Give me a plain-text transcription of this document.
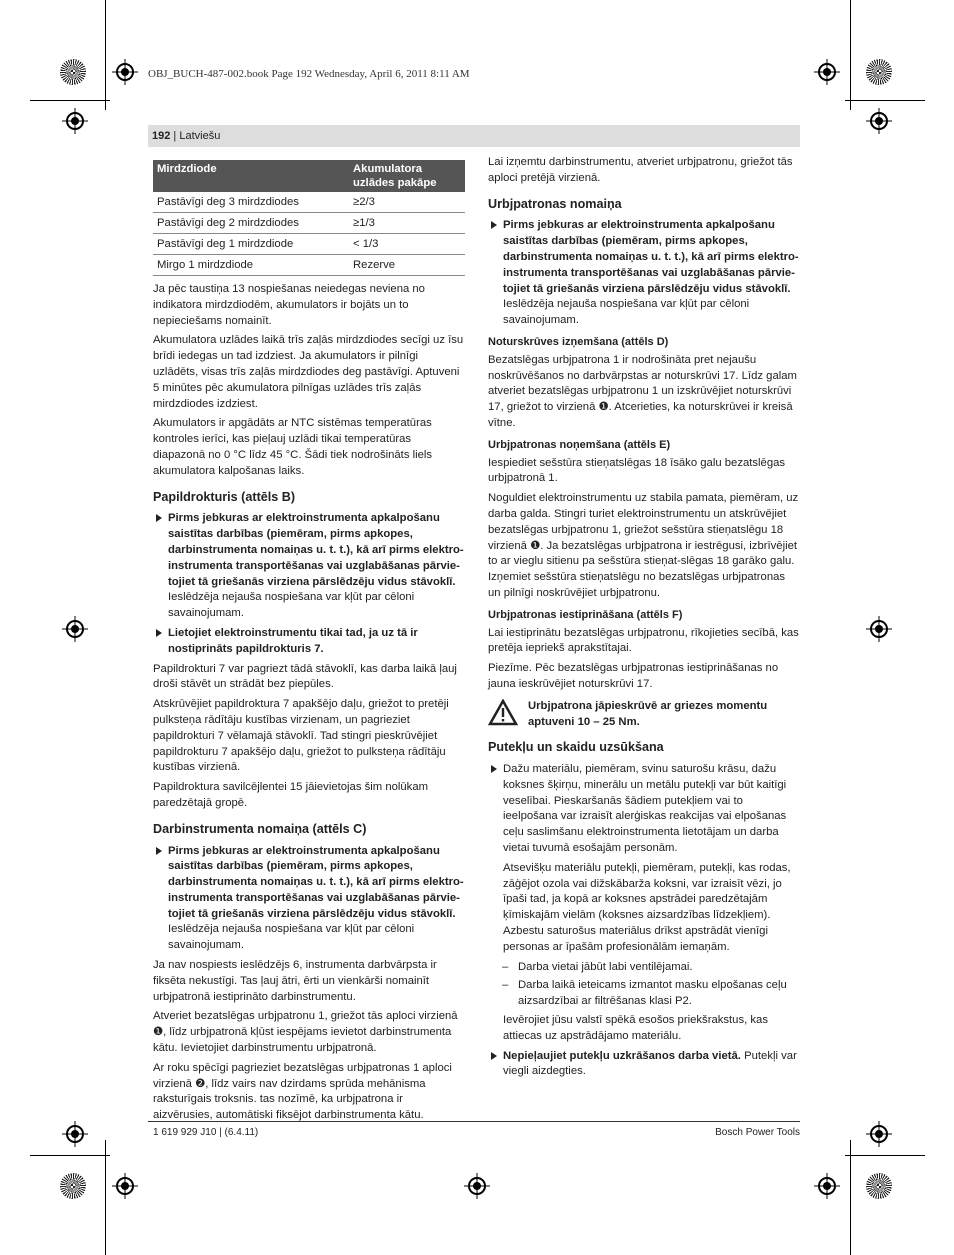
OBJ_BUCH-487-002.book Page 192 Wednesday, April 6, 2011 8:11 AM
192 | Latviešu
Mirdzdiode	Akumulatora uzlādes pakāpe
Pastāvīgi deg 3 mirdzdiodes	≥2/3
Pastāvīgi deg 2 mirdzdiodes	≥1/3
Pastāvīgi deg 1 mirdzdiode	< 1/3
Mirgo 1 mirdzdiode	Rezerve

Ja pēc taustiņa 13 nospiešanas neiedegas neviena no indikatora mirdzdiodēm, akumulators ir bojāts un to nepieciešams nomainīt.

Akumulatora uzlādes laikā trīs zaļās mirdzdiodes secīgi uz īsu brīdi iedegas un tad izdziest. Ja akumulators ir pilnīgi uzlādēts, visas trīs zaļās mirdzdiodes deg pastāvīgi. Aptuveni 5 minūtes pēc akumulatora pilnīgas uzlādes trīs zaļās mirdzdiodes izdziest.

Akumulators ir apgādāts ar NTC sistēmas temperatūras kontroles ierīci, kas pieļauj uzlādi tikai temperatūras diapazonā no 0 °C līdz 45 °C. Šādi tiek nodrošināts liels akumulatora kalpošanas laiks.

Papildrokturis (attēls B)
Pirms jebkuras ar elektroinstrumenta apkalpošanu saistītas darbības (piemēram, pirms apkopes, darbinstrumenta nomaiņas u. t. t.), kā arī pirms elektro-instrumenta transportēšanas vai uzglabāšanas pārvie-tojiet tā griešanās virziena pārslēdzēju vidus stāvoklī. Ieslēdzēja nejauša nospiešana var kļūt par cēloni savainojumam.
Lietojiet elektroinstrumentu tikai tad, ja uz tā ir nostiprināts papildrokturis 7.

Papildrokturi 7 var pagriezt tādā stāvoklī, kas darba laikā ļauj droši stāvēt un strādāt bez piepūles.

Atskrūvējiet papildroktura 7 apakšējo daļu, griežot to pretēji pulksteņa rādītāju kustības virzienam, un pagrieziet papildrokturi 7 vēlamajā stāvoklī. Tad stingri pieskrūvējiet papildrokturu 7 apakšējo daļu, griežot to pulksteņa rādītāju kustības virzienā.

Papildroktura savilcējlentei 15 jāievietojas šim nolūkam paredzētajā gropē.

Darbinstrumenta nomaiņa (attēls C)
Pirms jebkuras ar elektroinstrumenta apkalpošanu saistītas darbības (piemēram, pirms apkopes, darbinstrumenta nomaiņas u. t. t.), kā arī pirms elektro-instrumenta transportēšanas vai uzglabāšanas pārvie-tojiet tā griešanās virziena pārslēdzēju vidus stāvoklī. Ieslēdzēja nejauša nospiešana var kļūt par cēloni savainojumam.

Ja nav nospiests ieslēdzējs 6, instrumenta darbvārpsta ir fiksēta nekustīgi. Tas ļauj ātri, ērti un vienkārši nomainīt urbjpatronā iestiprināto darbinstrumentu.

Atveriet bezatslēgas urbjpatronu 1, griežot tās aploci virzienā ❶, līdz urbjpatronā kļūst iespējams ievietot darbinstrumenta kātu. Ievietojiet darbinstrumentu urbjpatronā.

Ar roku spēcīgi pagrieziet bezatslēgas urbjpatronas 1 aploci virzienā ❷, līdz vairs nav dzirdams sprūda mehānisma raksturīgais troksnis. tas nozīmē, ka urbjpatrona ir aizvērusies, automātiski fiksējot darbinstrumenta kātu.

Lai izņemtu darbinstrumentu, atveriet urbjpatronu, griežot tās aploci pretējā virzienā.

Urbjpatronas nomaiņa
Pirms jebkuras ar elektroinstrumenta apkalpošanu saistītas darbības (piemēram, pirms apkopes, darbinstrumenta nomaiņas u. t. t.), kā arī pirms elektro-instrumenta transportēšanas vai uzglabāšanas pārvie-tojiet tā griešanās virziena pārslēdzēju vidus stāvoklī. Ieslēdzēja nejauša nospiešana var kļūt par cēloni savainojumam.
Noturskrūves izņemšana (attēls D)

Bezatslēgas urbjpatrona 1 ir nodrošināta pret nejaušu noskrūvēšanos no darbvārpstas ar noturskrūvi 17. Līdz galam atveriet bezatslēgas urbjpatronu 1 un izskrūvējiet noturskrūvi 17, griežot to virzienā ❶. Atcerieties, ka noturskrūvei ir kreisā vītne.

Urbjpatronas noņemšana (attēls E)

Iespiediet sešstūra stieņatslēgas 18 īsāko galu bezatslēgas urbjpatronā 1.

Noguldiet elektroinstrumentu uz stabila pamata, piemēram, uz darba galda. Stingri turiet elektroinstrumentu un atskrūvējiet bezatslēgas urbjpatronu 1, griežot sešstūra stieņatslēgu 18 virzienā ❶. Ja bezatslēgas urbjpatrona ir iestrēgusi, izbrīvējiet to ar vieglu sitienu pa sešstūra stieņat-slēgas 18 garāko galu. Izņemiet sešstūra stieņatslēgu no bezatslēgas urbjpatronas un pilnīgi noskrūvējiet urbjpatronu.

Urbjpatronas iestiprināšana (attēls F)

Lai iestiprinātu bezatslēgas urbjpatronu, rīkojieties secībā, kas pretēja iepriekš aprakstītajai.

Piezīme. Pēc bezatslēgas urbjpatronas iestiprināšanas no jauna ieskrūvējiet noturskrūvi 17.

Urbjpatrona jāpieskrūvē ar griezes momentu aptuveni 10 – 25 Nm.
Putekļu un skaidu uzsūkšana
Dažu materiālu, piemēram, svinu saturošu krāsu, dažu koksnes šķirņu, minerālu un metālu putekļi var būt kaitīgi veselībai. Pieskaršanās šādiem putekļiem vai to ieelpošana var izraisīt alerģiskas reakcijas vai elpošanas ceļu saslimšanu elektroinstrumenta lietotājam un darba vietai tuvumā esošajām personām.

Atsevišķu materiālu putekļi, piemēram, putekļi, kas rodas, zāģējot ozola vai dižskābarža koksni, var izraisīt vēzi, jo īpaši tad, ja kopā ar koksnes apstrādei paredzētajām ķīmiskajām vielām (koksnes aizsardzības līdzekļiem). Azbestu saturošus materiālus drīkst apstrādāt vienīgi personas ar īpašām profesionālām iemaņām.

– Darba vietai jābūt labi ventilējamai.
– Darba laikā ieteicams izmantot masku elpošanas ceļu aizsardzībai ar filtrēšanas klasi P2.

Ievērojiet jūsu valstī spēkā esošos priekšrakstus, kas attiecas uz apstrādājamo materiālu.

Nepieļaujiet putekļu uzkrāšanos darba vietā. Putekļi var viegli aizdegties.
1 619 929 J10 | (6.4.11)	Bosch Power Tools
